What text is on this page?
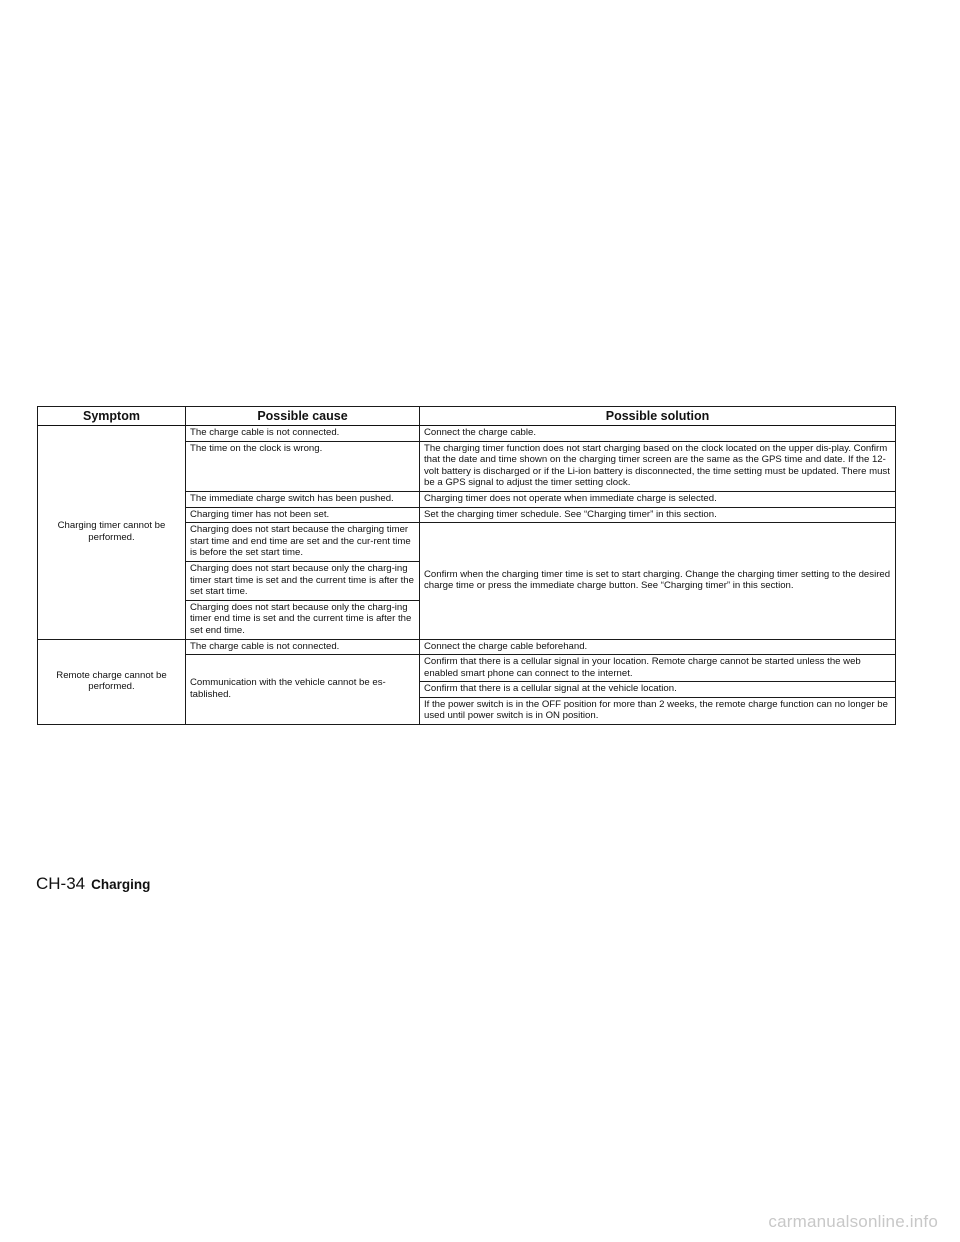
Symptom	Possible cause	Possible solution
Charging timer cannot be performed.	The charge cable is not connected.	Connect the charge cable.
	The time on the clock is wrong.	The charging timer function does not start charging based on the clock located on the upper dis-play. Confirm that the date and time shown on the charging timer screen are the same as the GPS time and date. If the 12-volt battery is discharged or if the Li-ion battery is disconnected, the time setting must be updated. There must be a GPS signal to adjust the timer setting clock.
	The immediate charge switch has been pushed.	Charging timer does not operate when immediate charge is selected.
	Charging timer has not been set.	Set the charging timer schedule. See “Charging timer” in this section.
	Charging does not start because the charging timer start time and end time are set and the cur-rent time is before the set start time.	Confirm when the charging timer time is set to start charging. Change the charging timer setting to the desired charge time or press the immediate charge button. See “Charging timer” in this section.
	Charging does not start because only the charg-ing timer start time is set and the current time is after the set start time.	
	Charging does not start because only the charg-ing timer end time is set and the current time is after the set end time.	
Remote charge cannot be performed.	The charge cable is not connected.	Connect the charge cable beforehand.
	Communication with the vehicle cannot be es-tablished.	Confirm that there is a cellular signal in your location. Remote charge cannot be started unless the web enabled smart phone can connect to the internet.
		Confirm that there is a cellular signal at the vehicle location.
		If the power switch is in the OFF position for more than 2 weeks, the remote charge function can no longer be used until power switch is in ON position.
CH-34 Charging
carmanualsonline.info
